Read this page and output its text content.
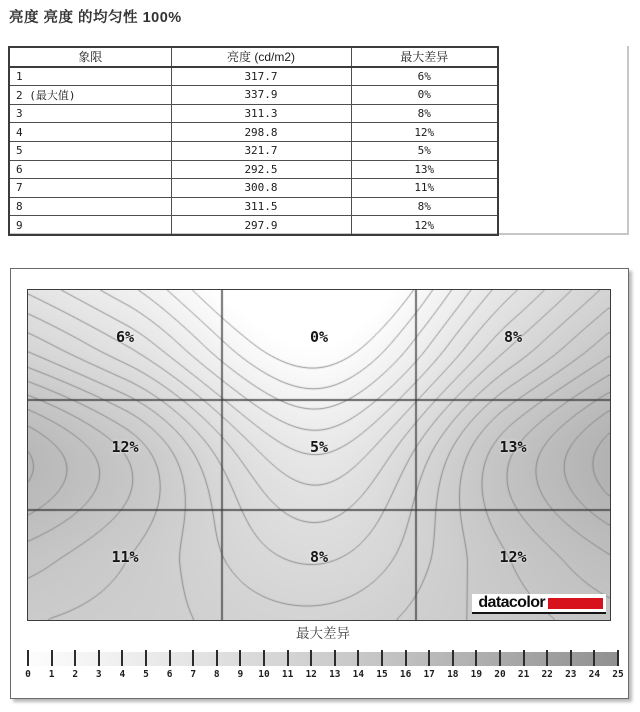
亮度 亮度 的均匀性 100%
象限	亮度 (cd/m2)	最大差异
1	317.7	6%
2 (最大值)	337.9	0%
3	311.3	8%
4	298.8	12%
5	321.7	5%
6	292.5	13%
7	300.8	11%
8	311.5	8%
9	297.9	12%
6%	0%	8%
12%	5%	13%
11%	8%	12%
datacolor
最大差异
0 1 2 3 4 5 6 7 8 9 10 11 12 13 14 15 16 17 18 19 20 21 22 23 24 25
